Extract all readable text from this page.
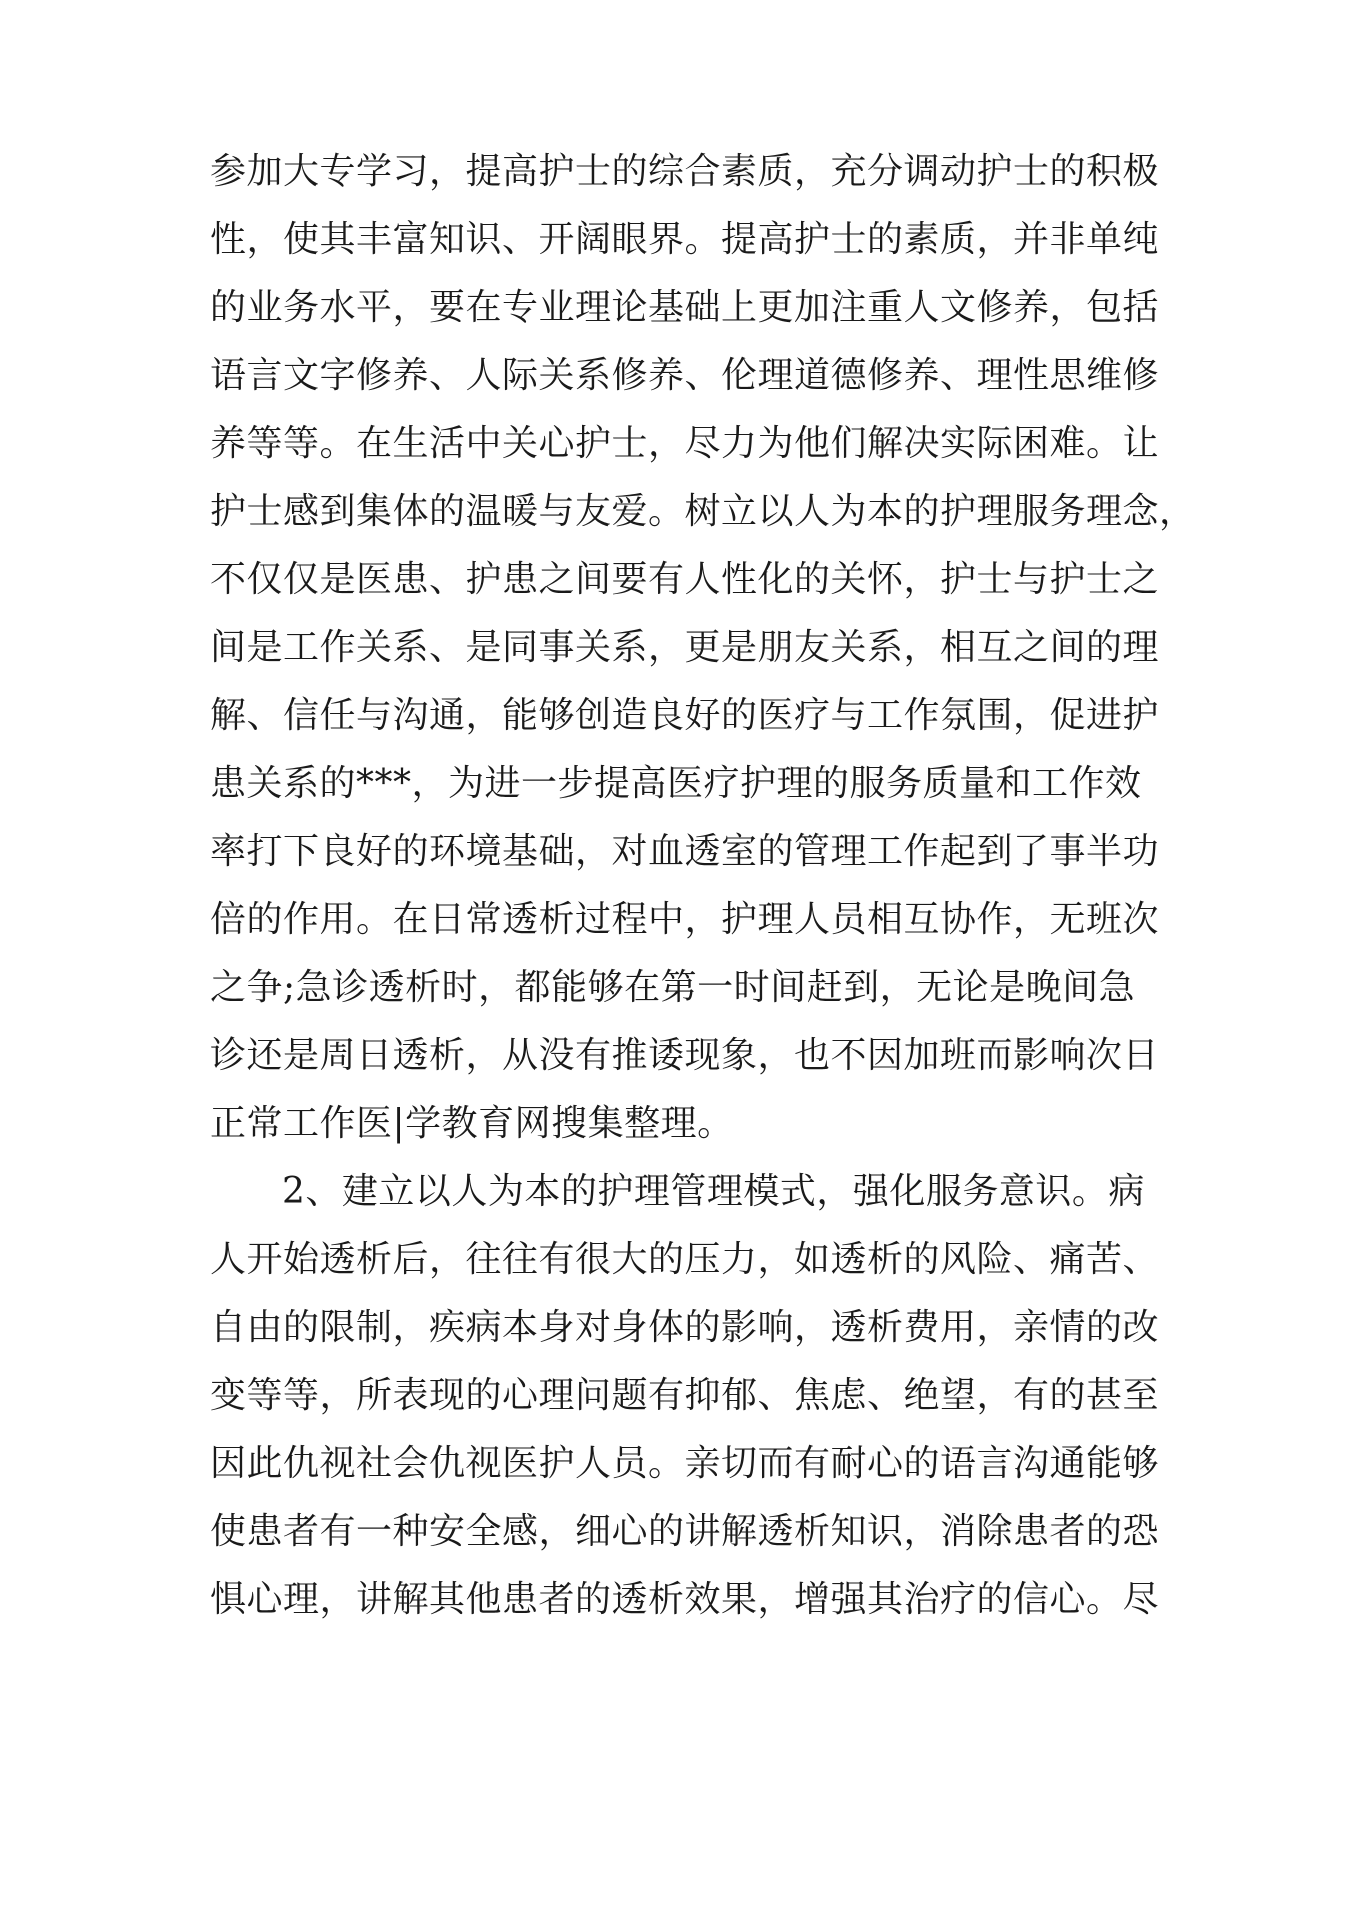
参加大专学习，提高护士的综合素质，充分调动护士的积极
性，使其丰富知识、开阔眼界。提高护士的素质，并非单纯
的业务水平，要在专业理论基础上更加注重人文修养，包括
语言文字修养、人际关系修养、伦理道德修养、理性思维修
养等等。在生活中关心护士，尽力为他们解决实际困难。让
护士感到集体的温暖与友爱。树立以人为本的护理服务理念，
不仅仅是医患、护患之间要有人性化的关怀，护士与护士之
间是工作关系、是同事关系，更是朋友关系，相互之间的理
解、信任与沟通，能够创造良好的医疗与工作氛围，促进护
患关系的***，为进一步提高医疗护理的服务质量和工作效
率打下良好的环境基础，对血透室的管理工作起到了事半功
倍的作用。在日常透析过程中，护理人员相互协作，无班次
之争;急诊透析时，都能够在第一时间赶到，无论是晚间急
诊还是周日透析，从没有推诿现象，也不因加班而影响次日
正常工作医|学教育网搜集整理。
2、建立以人为本的护理管理模式，强化服务意识。病
人开始透析后，往往有很大的压力，如透析的风险、痛苦、
自由的限制，疾病本身对身体的影响，透析费用，亲情的改
变等等，所表现的心理问题有抑郁、焦虑、绝望，有的甚至
因此仇视社会仇视医护人员。亲切而有耐心的语言沟通能够
使患者有一种安全感，细心的讲解透析知识，消除患者的恐
惧心理，讲解其他患者的透析效果，增强其治疗的信心。尽
